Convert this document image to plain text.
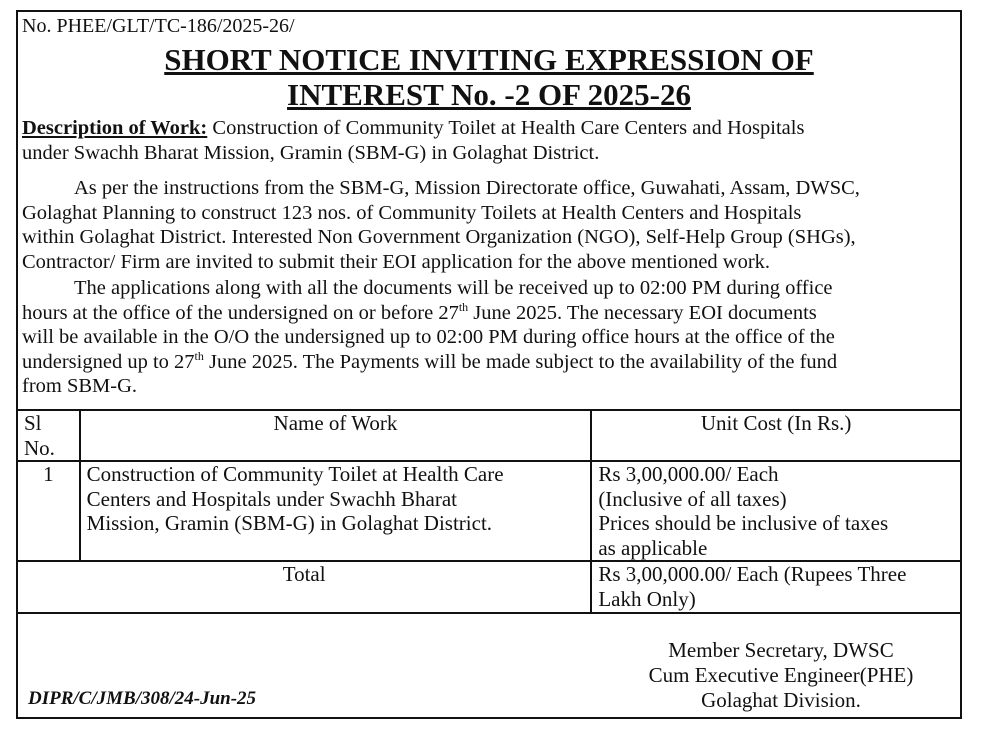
No. PHEE/GLT/TC-186/2025-26/
SHORT NOTICE INVITING EXPRESSION OF
INTEREST No. -2 OF 2025-26
Description of Work: Construction of Community Toilet at Health Care Centers and Hospitals
under Swachh Bharat Mission, Gramin (SBM-G) in Golaghat District.
As per the instructions from the SBM-G, Mission Directorate office, Guwahati, Assam, DWSC,
Golaghat Planning to construct 123 nos. of Community Toilets at Health Centers and Hospitals
within Golaghat District. Interested Non Government Organization (NGO), Self-Help Group (SHGs),
Contractor/ Firm are invited to submit their EOI application for the above mentioned work.
The applications along with all the documents will be received up to 02:00 PM during office
hours at the office of the undersigned on or before 27th June 2025. The necessary EOI documents
will be available in the O/O the undersigned up to 02:00 PM during office hours at the office of the
undersigned up to 27th June 2025. The Payments will be made subject to the availability of the fund
from SBM-G.
Sl No.	Name of Work	Unit Cost (In Rs.)
1	Construction of Community Toilet at Health Care
Centers and Hospitals under Swachh Bharat
Mission, Gramin (SBM-G) in Golaghat District.	Rs 3,00,000.00/ Each
(Inclusive of all taxes)
Prices should be inclusive of taxes
as applicable
Total		Rs 3,00,000.00/ Each (Rupees Three
Lakh Only)
Member Secretary, DWSC
Cum Executive Engineer(PHE)
Golaghat Division.
DIPR/C/JMB/308/24-Jun-25
